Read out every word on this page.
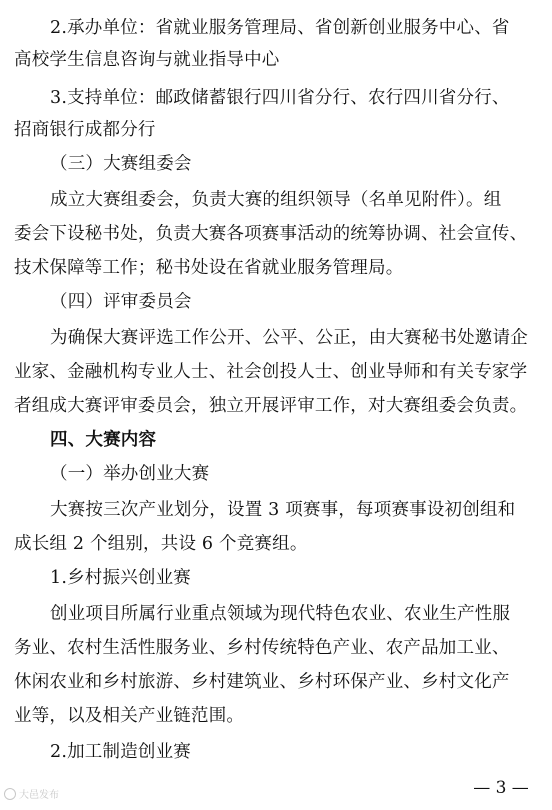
2.承办单位：省就业服务管理局、省创新创业服务中心、省
高校学生信息咨询与就业指导中心
3.支持单位：邮政储蓄银行四川省分行、农行四川省分行、
招商银行成都分行
（三）大赛组委会
成立大赛组委会，负责大赛的组织领导（名单见附件）。组
委会下设秘书处，负责大赛各项赛事活动的统筹协调、社会宣传、
技术保障等工作；秘书处设在省就业服务管理局。
（四）评审委员会
为确保大赛评选工作公开、公平、公正，由大赛秘书处邀请企
业家、金融机构专业人士、社会创投人士、创业导师和有关专家学
者组成大赛评审委员会，独立开展评审工作，对大赛组委会负责。
四、大赛内容
（一）举办创业大赛
大赛按三次产业划分，设置 3 项赛事，每项赛事设初创组和
成长组 2 个组别，共设 6 个竞赛组。
1.乡村振兴创业赛
创业项目所属行业重点领域为现代特色农业、农业生产性服
务业、农村生活性服务业、乡村传统特色产业、农产品加工业、
休闲农业和乡村旅游、乡村建筑业、乡村环保产业、乡村文化产
业等，以及相关产业链范围。
2.加工制造创业赛
— 3 —
大邑发布
